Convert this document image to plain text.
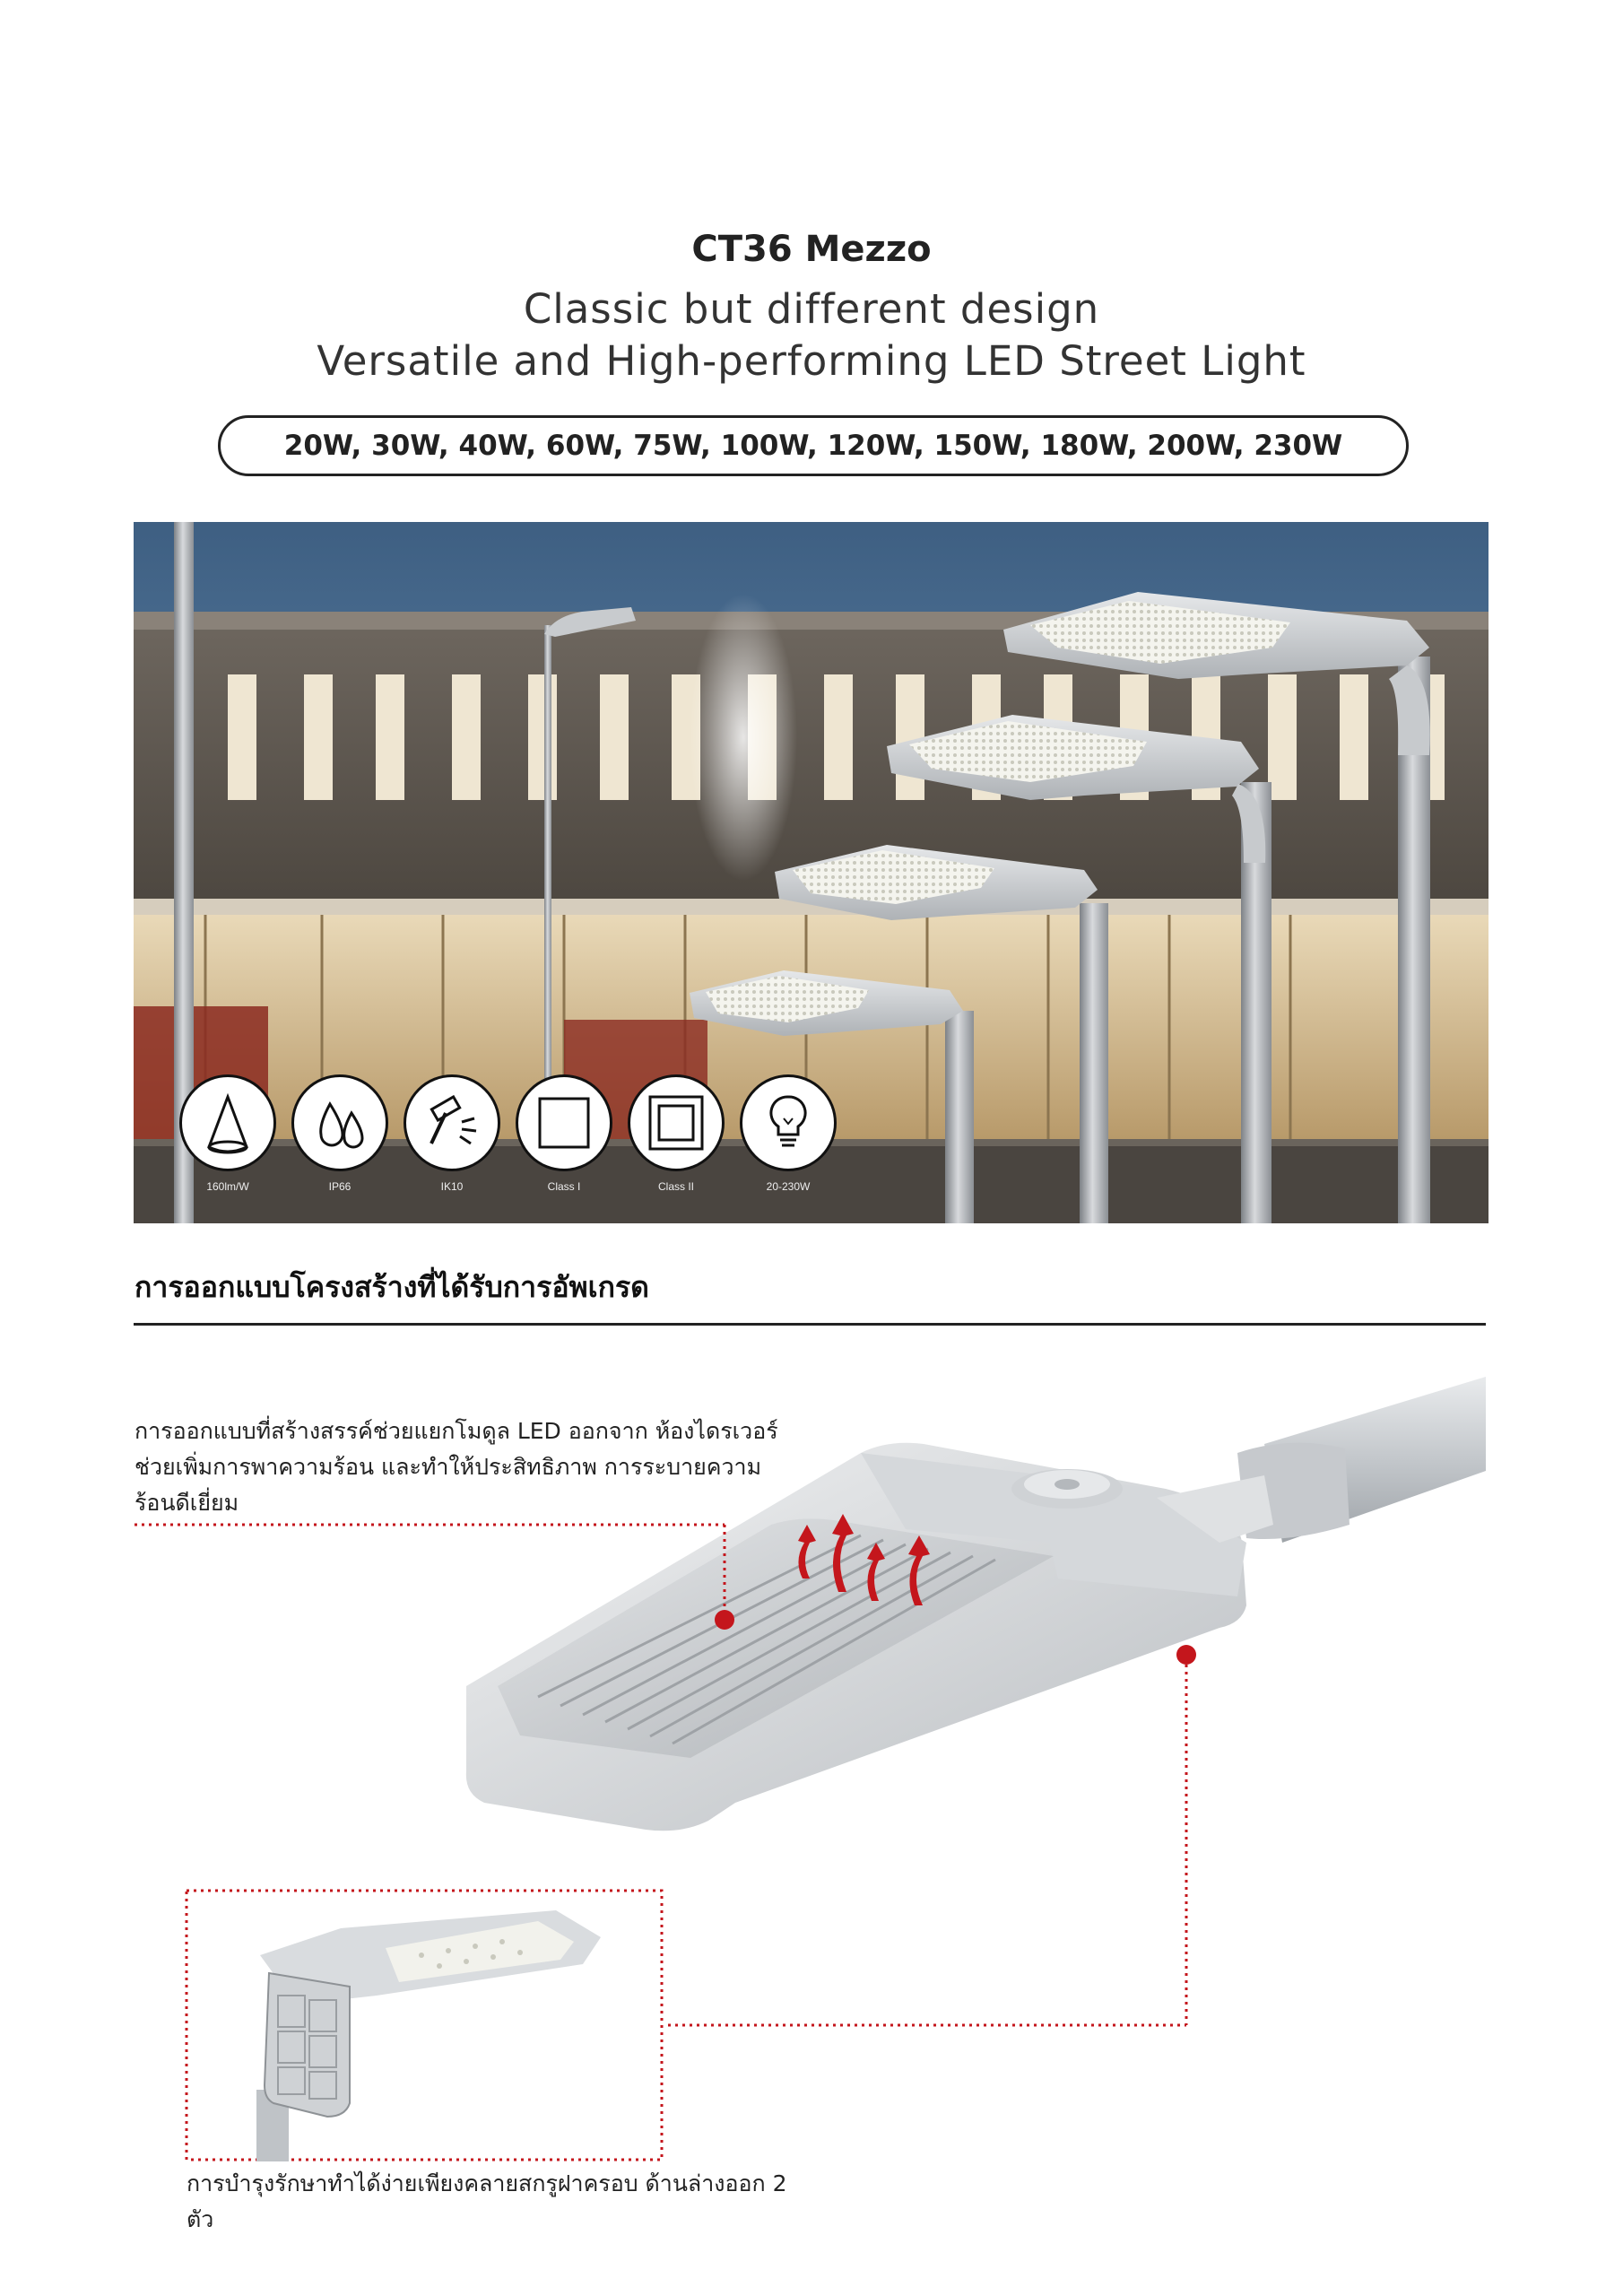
CT36 Mezzo
Classic but different design
Versatile and High-performing LED Street Light
20W, 30W, 40W, 60W, 75W, 100W, 120W, 150W, 180W, 200W, 230W
160lm/W	IP66	IK10	Class I	Class II	20-230W
การออกแบบโครงสร้างที่ได้รับการอัพเกรด
การออกแบบที่สร้างสรรค์ช่วยแยกโมดูล LED ออกจาก ห้องไดรเวอร์ ช่วยเพิ่มการพาความร้อน และทำให้ประสิทธิภาพ การระบายความร้อนดีเยี่ยม
การบำรุงรักษาทำได้ง่ายเพียงคลายสกรูฝาครอบ ด้านล่างออก 2 ตัว
